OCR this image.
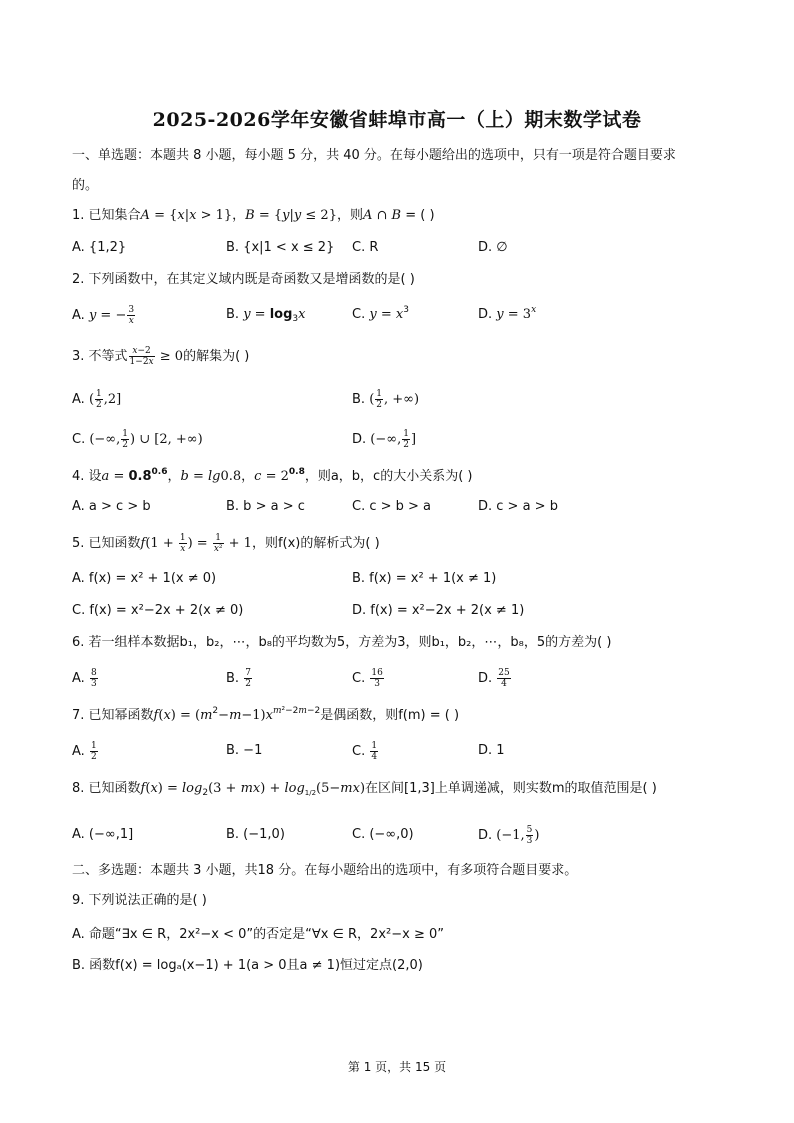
2025-2026学年安徽省蚌埠市高一（上）期末数学试卷
一、单选题：本题共 8 小题，每小题 5 分，共 40 分。在每小题给出的选项中，只有一项是符合题目要求
的。
1. 已知集合A = {x|x > 1}，B = {y|y ≤ 2}，则A ∩ B = ( )
A. {1,2}	B. {x|1 < x ≤ 2} C. R	D. ∅
2. 下列函数中，在其定义域内既是奇函数又是增函数的是( )
A. y = − $\frac{3}{x}$	B. $y = \log_3x$	C. $y = x^3$	D. $y = 3^x$
3. 不等式 $\frac{x-2}{1-2x} \ge 0$的解集为( )
A. ( $\frac{1}{2} ,2$]	B. ( $\frac{1}{2}$ , +∞)
C. (−∞, $\frac{1}{2}$ ) ∪ [2, +∞)	D. (−∞, $\frac{1}{2}$ ]
4. 设$a = 0.8^{0.6}$，b = lg0.8，$c = 2^{0.8}$，则a，b，c的大小关系为( )
A. a > c > b	B. b > a > c	C. c > b > a	D. c > a > b
5. 已知函数$f(1 + \frac{1}{x}$ ) = $\frac{1}{\text{x²}} + 1$，则f(x)的解析式为( )
A. f(x) = x² + 1(x ≠ 0)	B. f(x) = x² + 1(x ≠ 1)
C. f(x) = x²−2x + 2(x ≠ 0)	D. f(x) = x²−2x + 2(x ≠ 1)
6. 若一组样本数据b₁，b₂，⋯，b₈的平均数为5，方差为3，则b₁，b₂，⋯，b₈，5的方差为( )
A. $\frac{8}{3}$	B. $\frac{7}{2}$	C. $\frac{16}{3}$	D. $\frac{25}{4}$
7. 已知幂函数$f(x) = (m^2-m-1)x^{m^2-2m-2}$是偶函数，则f(m) = ( )
A. $\frac{1}{2}$	B. −1	C. $\frac{1}{4}$	D. 1
8. 已知函数$f(x) = \log_2(3 + mx) + \log_{1/2}(5-mx)$在区间[1,3]上单调递减，则实数m的取值范围是( )
A. (−∞,1]	B. (−1,0)	C. (−∞,0)	D. (−1, $\frac{5}{3}$ )
二、多选题：本题共 3 小题，共18 分。在每小题给出的选项中，有多项符合题目要求。
9. 下列说法正确的是( )
A. 命题“∃x ∈ R，2x²−x < 0”的否定是“∀x ∈ R，2x²−x ≥ 0”
B. 函数f(x) = logₐ(x−1) + 1(a > 0且a ≠ 1)恒过定点(2,0)
第 1 页，共 15 页
